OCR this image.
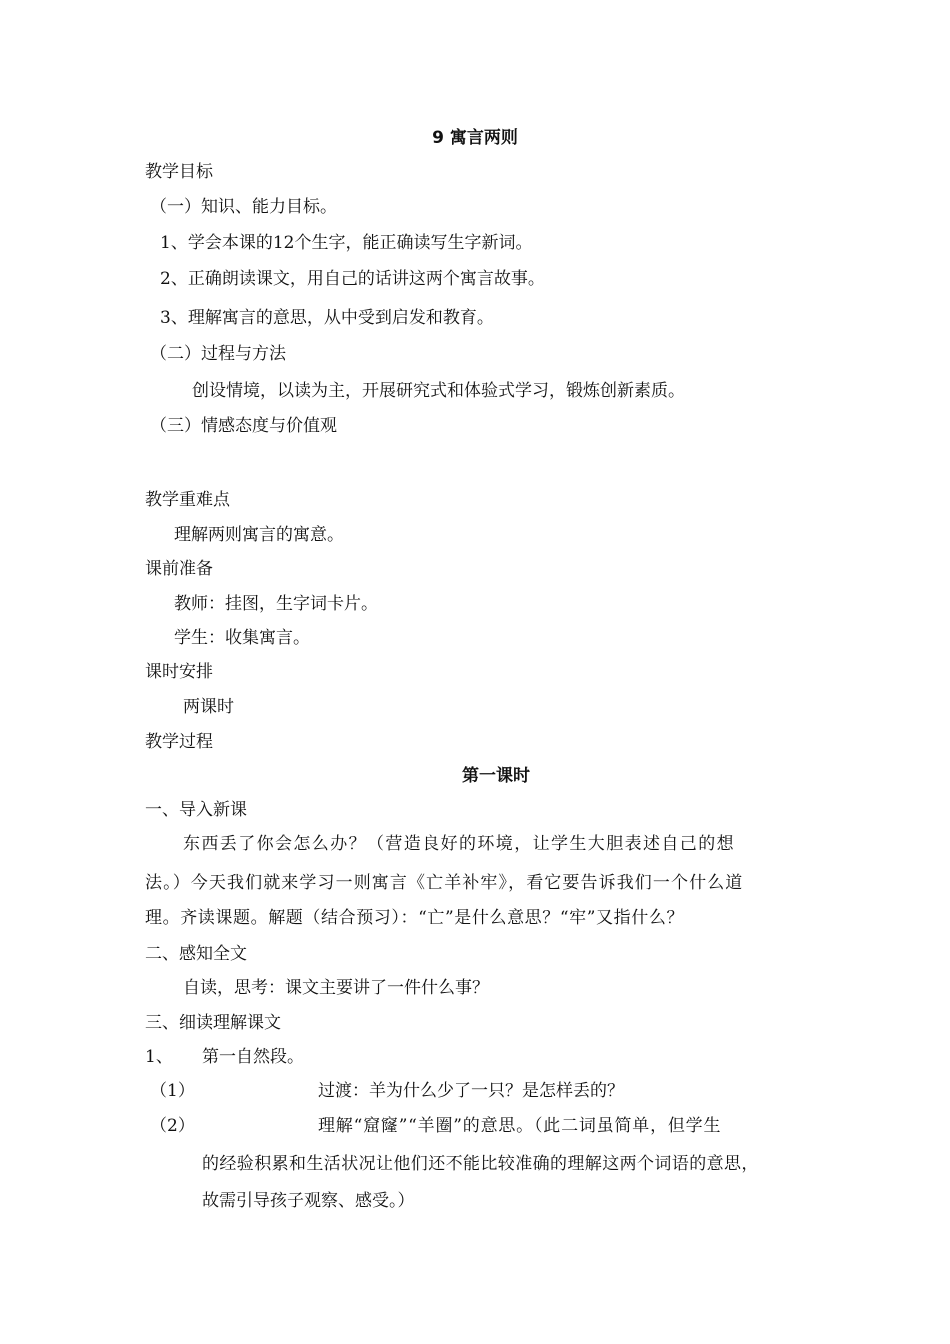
9 寓言两则
教学目标
（一）知识、能力目标。
1、学会本课的12个生字，能正确读写生字新词。
2、正确朗读课文，用自己的话讲这两个寓言故事。
3、理解寓言的意思，从中受到启发和教育。
（二）过程与方法
创设情境，以读为主，开展研究式和体验式学习，锻炼创新素质。
（三）情感态度与价值观
教学重难点
理解两则寓言的寓意。
课前准备
教师：挂图，生字词卡片。
学生：收集寓言。
课时安排
两课时
教学过程
第一课时
一、导入新课
东西丢了你会怎么办？（营造良好的环境，让学生大胆表述自己的想
法。）今天我们就来学习一则寓言《亡羊补牢》，看它要告诉我们一个什么道
理。齐读课题。解题（结合预习）：“亡”是什么意思？“牢”又指什么？
二、感知全文
自读，思考：课文主要讲了一件什么事？
三、细读理解课文
1、 第一自然段。
（1）	过渡：羊为什么少了一只？是怎样丢的？
（2）	理解“窟窿”“羊圈”的意思。（此二词虽简单，但学生
的经验积累和生活状况让他们还不能比较准确的理解这两个词语的意思，
故需引导孩子观察、感受。）
